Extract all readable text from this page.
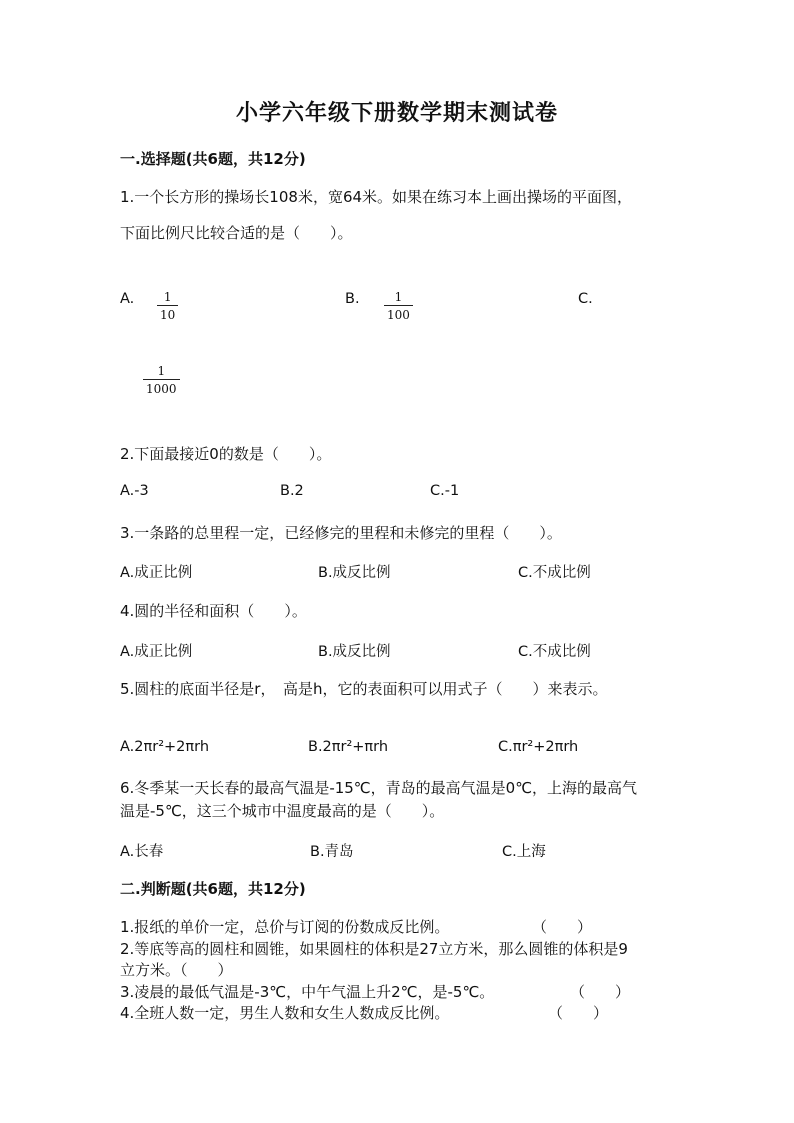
小学六年级下册数学期末测试卷
一.选择题(共6题，共12分)
1.一个长方形的操场长108米，宽64米。如果在练习本上画出操场的平面图，
下面比例尺比较合适的是（　　）。
A. $\frac{1}{10}$	B. $\frac{1}{100}$	C.
$\frac{1}{1000}$
2.下面最接近0的数是（　　）。
A.-3	B.2	C.-1
3.一条路的总里程一定，已经修完的里程和未修完的里程（　　）。
A.成正比例	B.成反比例	C.不成比例
4.圆的半径和面积（　　）。
A.成正比例	B.成反比例	C.不成比例
5.圆柱的底面半径是r，　高是h，它的表面积可以用式子（　　）来表示。
A.2πr²+2πrh	B.2πr²+πrh	C.πr²+2πrh
6.冬季某一天长春的最高气温是-15℃，青岛的最高气温是0℃，上海的最高气
温是-5℃，这三个城市中温度最高的是（　　）。
A.长春	B.青岛	C.上海
二.判断题(共6题，共12分)
1.报纸的单价一定，总价与订阅的份数成反比例。	（　　）
2.等底等高的圆柱和圆锥，如果圆柱的体积是27立方米，那么圆锥的体积是9
立方米。（　　）
3.凌晨的最低气温是-3℃，中午气温上升2℃，是-5℃。	（　　）
4.全班人数一定，男生人数和女生人数成反比例。	（　　）
